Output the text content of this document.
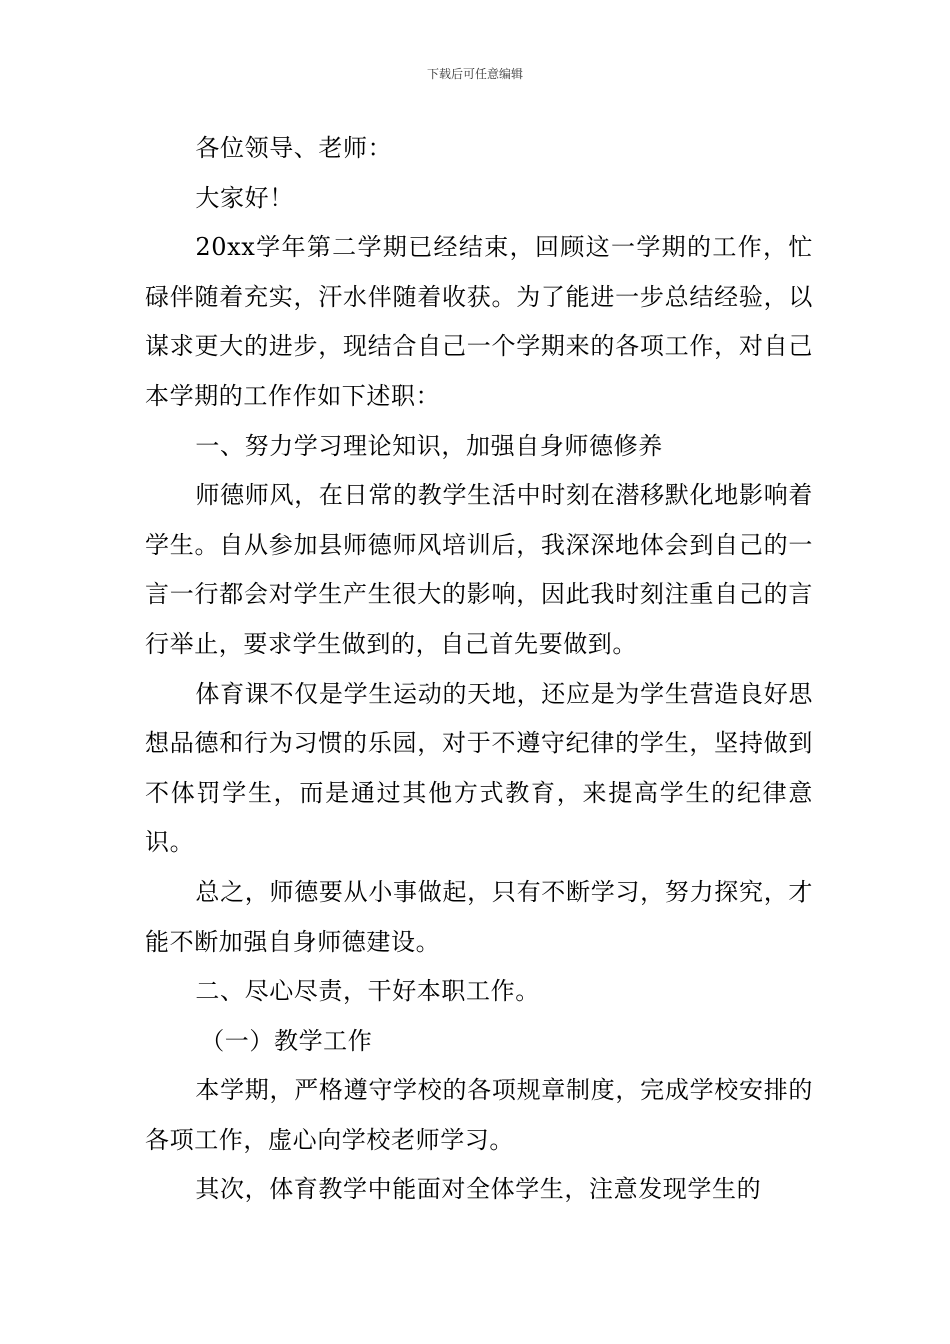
下载后可任意编辑

各位领导、老师：

大家好！

20xx学年第二学期已经结束，回顾这一学期的工作，忙碌伴随着充实，汗水伴随着收获。为了能进一步总结经验，以谋求更大的进步，现结合自己一个学期来的各项工作，对自己本学期的工作作如下述职：

一、努力学习理论知识，加强自身师德修养

师德师风，在日常的教学生活中时刻在潜移默化地影响着学生。自从参加县师德师风培训后，我深深地体会到自己的一言一行都会对学生产生很大的影响，因此我时刻注重自己的言行举止，要求学生做到的，自己首先要做到。

体育课不仅是学生运动的天地，还应是为学生营造良好思想品德和行为习惯的乐园，对于不遵守纪律的学生，坚持做到不体罚学生，而是通过其他方式教育，来提高学生的纪律意识。

总之，师德要从小事做起，只有不断学习，努力探究，才能不断加强自身师德建设。

二、尽心尽责，干好本职工作。

（一）教学工作

本学期，严格遵守学校的各项规章制度，完成学校安排的各项工作，虚心向学校老师学习。

其次，体育教学中能面对全体学生，注意发现学生的
